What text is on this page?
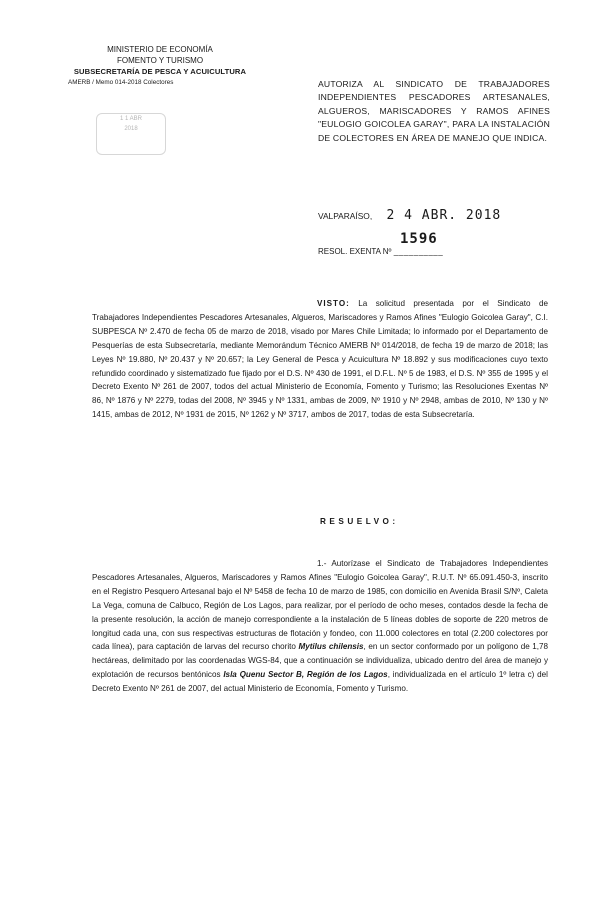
MINISTERIO DE ECONOMÍA
FOMENTO Y TURISMO
SUBSECRETARÍA DE PESCA Y ACUICULTURA
AMERB / Memo 014-2018 Colectores
1 1 ABR
2018
AUTORIZA AL SINDICATO DE TRABAJADORES INDEPENDIENTES PESCADORES ARTESANALES, ALGUEROS, MARISCADORES Y RAMOS AFINES "EULOGIO GOICOLEA GARAY", PARA LA INSTALACIÓN DE COLECTORES EN ÁREA DE MANEJO QUE INDICA.
VALPARAÍSO, 2 4 ABR. 2018
RESOL. EXENTA Nº __________
1596
VISTO: La solicitud presentada por el Sindicato de Trabajadores Independientes Pescadores Artesanales, Algueros, Mariscadores y Ramos Afines "Eulogio Goicolea Garay", C.I. SUBPESCA Nº 2.470 de fecha 05 de marzo de 2018, visado por Mares Chile Limitada; lo informado por el Departamento de Pesquerías de esta Subsecretaría, mediante Memorándum Técnico AMERB Nº 014/2018, de fecha 19 de marzo de 2018; las Leyes Nº 19.880, Nº 20.437 y Nº 20.657; la Ley General de Pesca y Acuicultura Nº 18.892 y sus modificaciones cuyo texto refundido coordinado y sistematizado fue fijado por el D.S. Nº 430 de 1991, el D.F.L. Nº 5 de 1983, el D.S. Nº 355 de 1995 y el Decreto Exento Nº 261 de 2007, todos del actual Ministerio de Economía, Fomento y Turismo; las Resoluciones Exentas Nº 86, Nº 1876 y Nº 2279, todas del 2008, Nº 3945 y Nº 1331, ambas de 2009, Nº 1910 y Nº 2948, ambas de 2010, Nº 130 y Nº 1415, ambas de 2012, Nº 1931 de 2015, Nº 1262 y Nº 3717, ambos de 2017, todas de esta Subsecretaría.
RESUELVO:
1.- Autorízase el Sindicato de Trabajadores Independientes Pescadores Artesanales, Algueros, Mariscadores y Ramos Afines "Eulogio Goicolea Garay", R.U.T. Nº 65.091.450-3, inscrito en el Registro Pesquero Artesanal bajo el Nº 5458 de fecha 10 de marzo de 1985, con domicilio en Avenida Brasil S/Nº, Caleta La Vega, comuna de Calbuco, Región de Los Lagos, para realizar, por el período de ocho meses, contados desde la fecha de la presente resolución, la acción de manejo correspondiente a la instalación de 5 líneas dobles de soporte de 220 metros de longitud cada una, con sus respectivas estructuras de flotación y fondeo, con 11.000 colectores en total (2.200 colectores por cada línea), para captación de larvas del recurso chorito Mytilus chilensis, en un sector conformado por un polígono de 1,78 hectáreas, delimitado por las coordenadas WGS-84, que a continuación se individualiza, ubicado dentro del área de manejo y explotación de recursos bentónicos Isla Quenu Sector B, Región de los Lagos, individualizada en el artículo 1º letra c) del Decreto Exento Nº 261 de 2007, del actual Ministerio de Economía, Fomento y Turismo.
